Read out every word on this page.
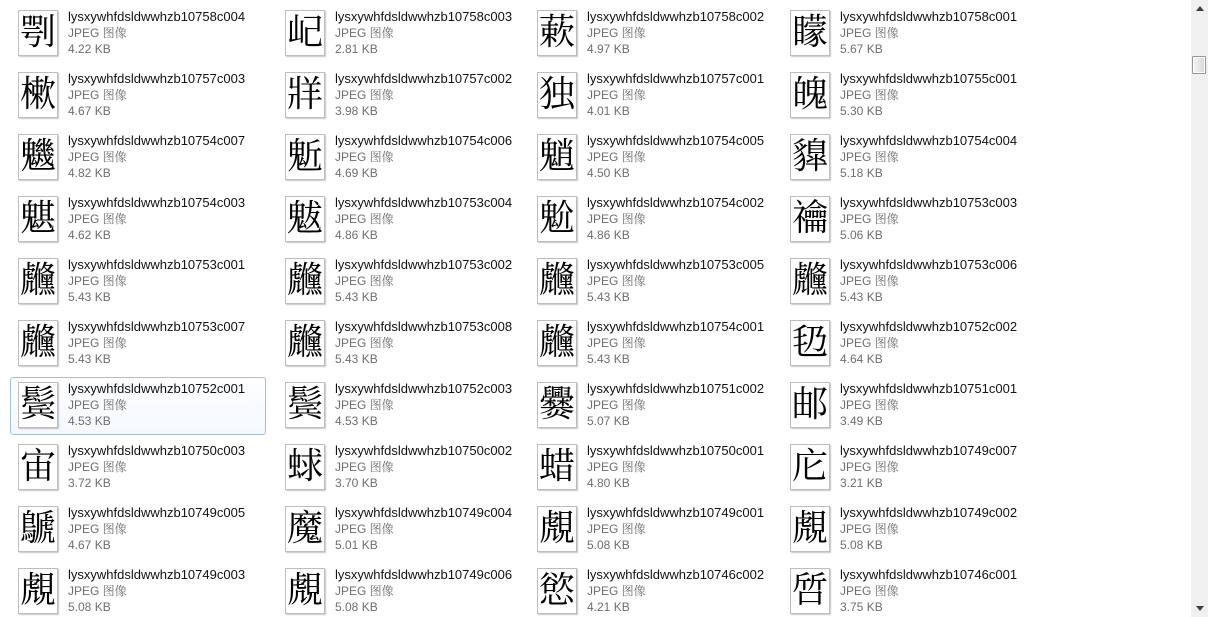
㓵 lysxywhfdsldwwhzb10758c004
JPEG 图像
4.22 KB	屺 lysxywhfdsldwwhzb10758c003
JPEG 图像
2.81 KB	蔌 lysxywhfdsldwwhzb10758c002
JPEG 图像
4.97 KB	矇 lysxywhfdsldwwhzb10758c001
JPEG 图像
5.67 KB
樕 lysxywhfdsldwwhzb10757c003
JPEG 图像
4.67 KB	牂 lysxywhfdsldwwhzb10757c002
JPEG 图像
3.98 KB	独 lysxywhfdsldwwhzb10757c001
JPEG 图像
4.01 KB	魄 lysxywhfdsldwwhzb10755c001
JPEG 图像
5.30 KB
魕 lysxywhfdsldwwhzb10754c007
JPEG 图像
4.82 KB	鬿 lysxywhfdsldwwhzb10754c006
JPEG 图像
4.69 KB	魈 lysxywhfdsldwwhzb10754c005
JPEG 图像
4.50 KB	䝥 lysxywhfdsldwwhzb10754c004
JPEG 图像
5.18 KB
魌 lysxywhfdsldwwhzb10754c003
JPEG 图像
4.62 KB	魃 lysxywhfdsldwwhzb10753c004
JPEG 图像
4.86 KB	魀 lysxywhfdsldwwhzb10754c002
JPEG 图像
4.86 KB	禴 lysxywhfdsldwwhzb10753c003
JPEG 图像
5.06 KB
虪 lysxywhfdsldwwhzb10753c001
JPEG 图像
5.43 KB	虪 lysxywhfdsldwwhzb10753c002
JPEG 图像
5.43 KB	虪 lysxywhfdsldwwhzb10753c005
JPEG 图像
5.43 KB	虪 lysxywhfdsldwwhzb10753c006
JPEG 图像
5.43 KB
虪 lysxywhfdsldwwhzb10753c007
JPEG 图像
5.43 KB	虪 lysxywhfdsldwwhzb10753c008
JPEG 图像
5.43 KB	虪 lysxywhfdsldwwhzb10754c001
JPEG 图像
5.43 KB	㲌 lysxywhfdsldwwhzb10752c002
JPEG 图像
4.64 KB
鬓 lysxywhfdsldwwhzb10752c001
JPEG 图像
4.53 KB	鬓 lysxywhfdsldwwhzb10752c003
JPEG 图像
4.53 KB	爨 lysxywhfdsldwwhzb10751c002
JPEG 图像
5.07 KB	邮 lysxywhfdsldwwhzb10751c001
JPEG 图像
3.49 KB
宙 lysxywhfdsldwwhzb10750c003
JPEG 图像
3.72 KB	蛷 lysxywhfdsldwwhzb10750c002
JPEG 图像
3.70 KB	蜡 lysxywhfdsldwwhzb10750c001
JPEG 图像
4.80 KB	庀 lysxywhfdsldwwhzb10749c007
JPEG 图像
3.21 KB
鷈 lysxywhfdsldwwhzb10749c005
JPEG 图像
4.67 KB	魔 lysxywhfdsldwwhzb10749c004
JPEG 图像
5.01 KB	覤 lysxywhfdsldwwhzb10749c001
JPEG 图像
5.08 KB	覤 lysxywhfdsldwwhzb10749c002
JPEG 图像
5.08 KB
覤 lysxywhfdsldwwhzb10749c003
JPEG 图像
5.08 KB	覤 lysxywhfdsldwwhzb10749c006
JPEG 图像
5.08 KB	慾 lysxywhfdsldwwhzb10746c002
JPEG 图像
4.21 KB	啠 lysxywhfdsldwwhzb10746c001
JPEG 图像
3.75 KB
